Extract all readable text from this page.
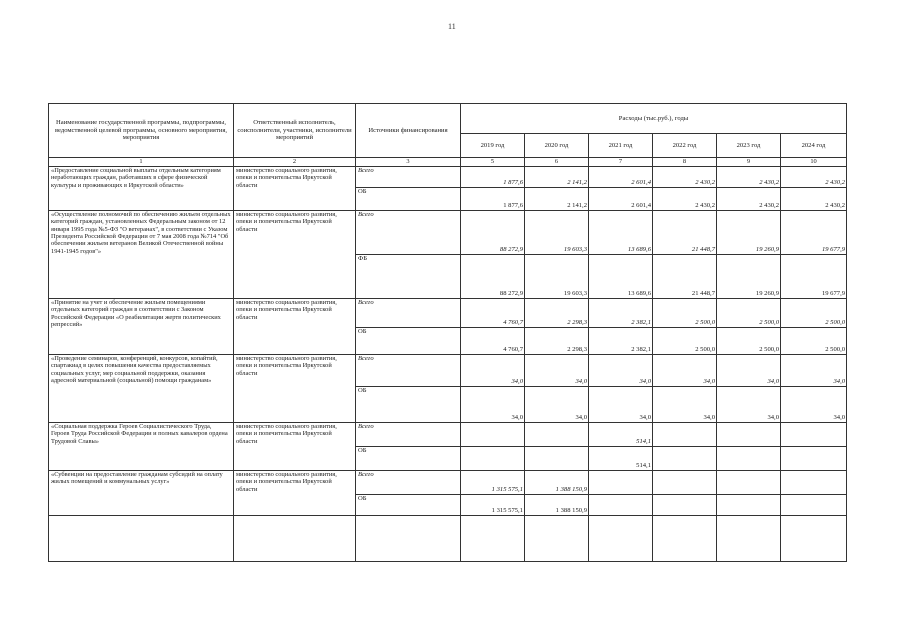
11
Наименование государственной программы, подпрограммы, ведомственной целевой программы, основного мероприятия, мероприятия	Ответственный исполнитель, соисполнители, участники, исполнители мероприятий	Источники финансирования	Расходы (тыс.руб.), годы					
			2019 год	2020 год	2021 год	2022 год	2023 год	2024 год
1	2	3	5	6	7	8	9	10
«Предоставление социальной выплаты отдельным категориям неработающих граждан, работавших в сфере физической культуры и проживающих в Иркутской области»	министерство социального развития, опеки и попечительства Иркутской области	Всего	1 877,6	2 141,2	2 601,4	2 430,2	2 430,2	2 430,2
		ОБ	1 877,6	2 141,2	2 601,4	2 430,2	2 430,2	2 430,2
«Осуществление полномочий по обеспечению жильем отдельных категорий граждан, установленных Федеральным законом от 12 января 1995 года №5-ФЗ "О ветеранах", в соответствии с Указом Президента Российской Федерации от 7 мая 2008 года №714 "Об обеспечении жильем ветеранов Великой Отечественной войны 1941-1945 годов"»	министерство социального развития, опеки и попечительства Иркутской области	Всего	88 272,9	19 603,3	13 689,6	21 448,7	19 260,9	19 677,9
		ФБ	88 272,9	19 603,3	13 689,6	21 448,7	19 260,9	19 677,9
«Принятие на учет и обеспечение жильем помещениями отдельных категорий граждан в соответствии с Законом Российской Федерации «О реабилитации жертв политических репрессий»	министерство социального развития, опеки и попечительства Иркутской области	Всего	4 760,7	2 298,3	2 382,1	2 500,0	2 500,0	2 500,0
		ОБ	4 760,7	2 298,3	2 382,1	2 500,0	2 500,0	2 500,0
«Проведение семинаров, конференций, конкурсов, копайтий, спартакиад в целях повышения качества предоставляемых социальных услуг, мер социальной поддержки, оказания адресной материальной (социальной) помощи гражданам»	министерство социального развития, опеки и попечительства Иркутской области	Всего	34,0	34,0	34,0	34,0	34,0	34,0
		ОБ	34,0	34,0	34,0	34,0	34,0	34,0
«Социальная поддержка Героев Социалистического Труда, Героев Труда Российской Федерации и полных кавалеров ордена Трудовой Славы»	министерство социального развития, опеки и попечительства Иркутской области	Всего			514,1			
		ОБ			514,1			
«Субвенции на предоставление гражданам субсидий на оплату жилых помещений и коммунальных услуг»	министерство социального развития, опеки и попечительства Иркутской области	Всего	1 315 575,1	1 388 150,9				
		ОБ	1 315 575,1	1 388 150,9				
